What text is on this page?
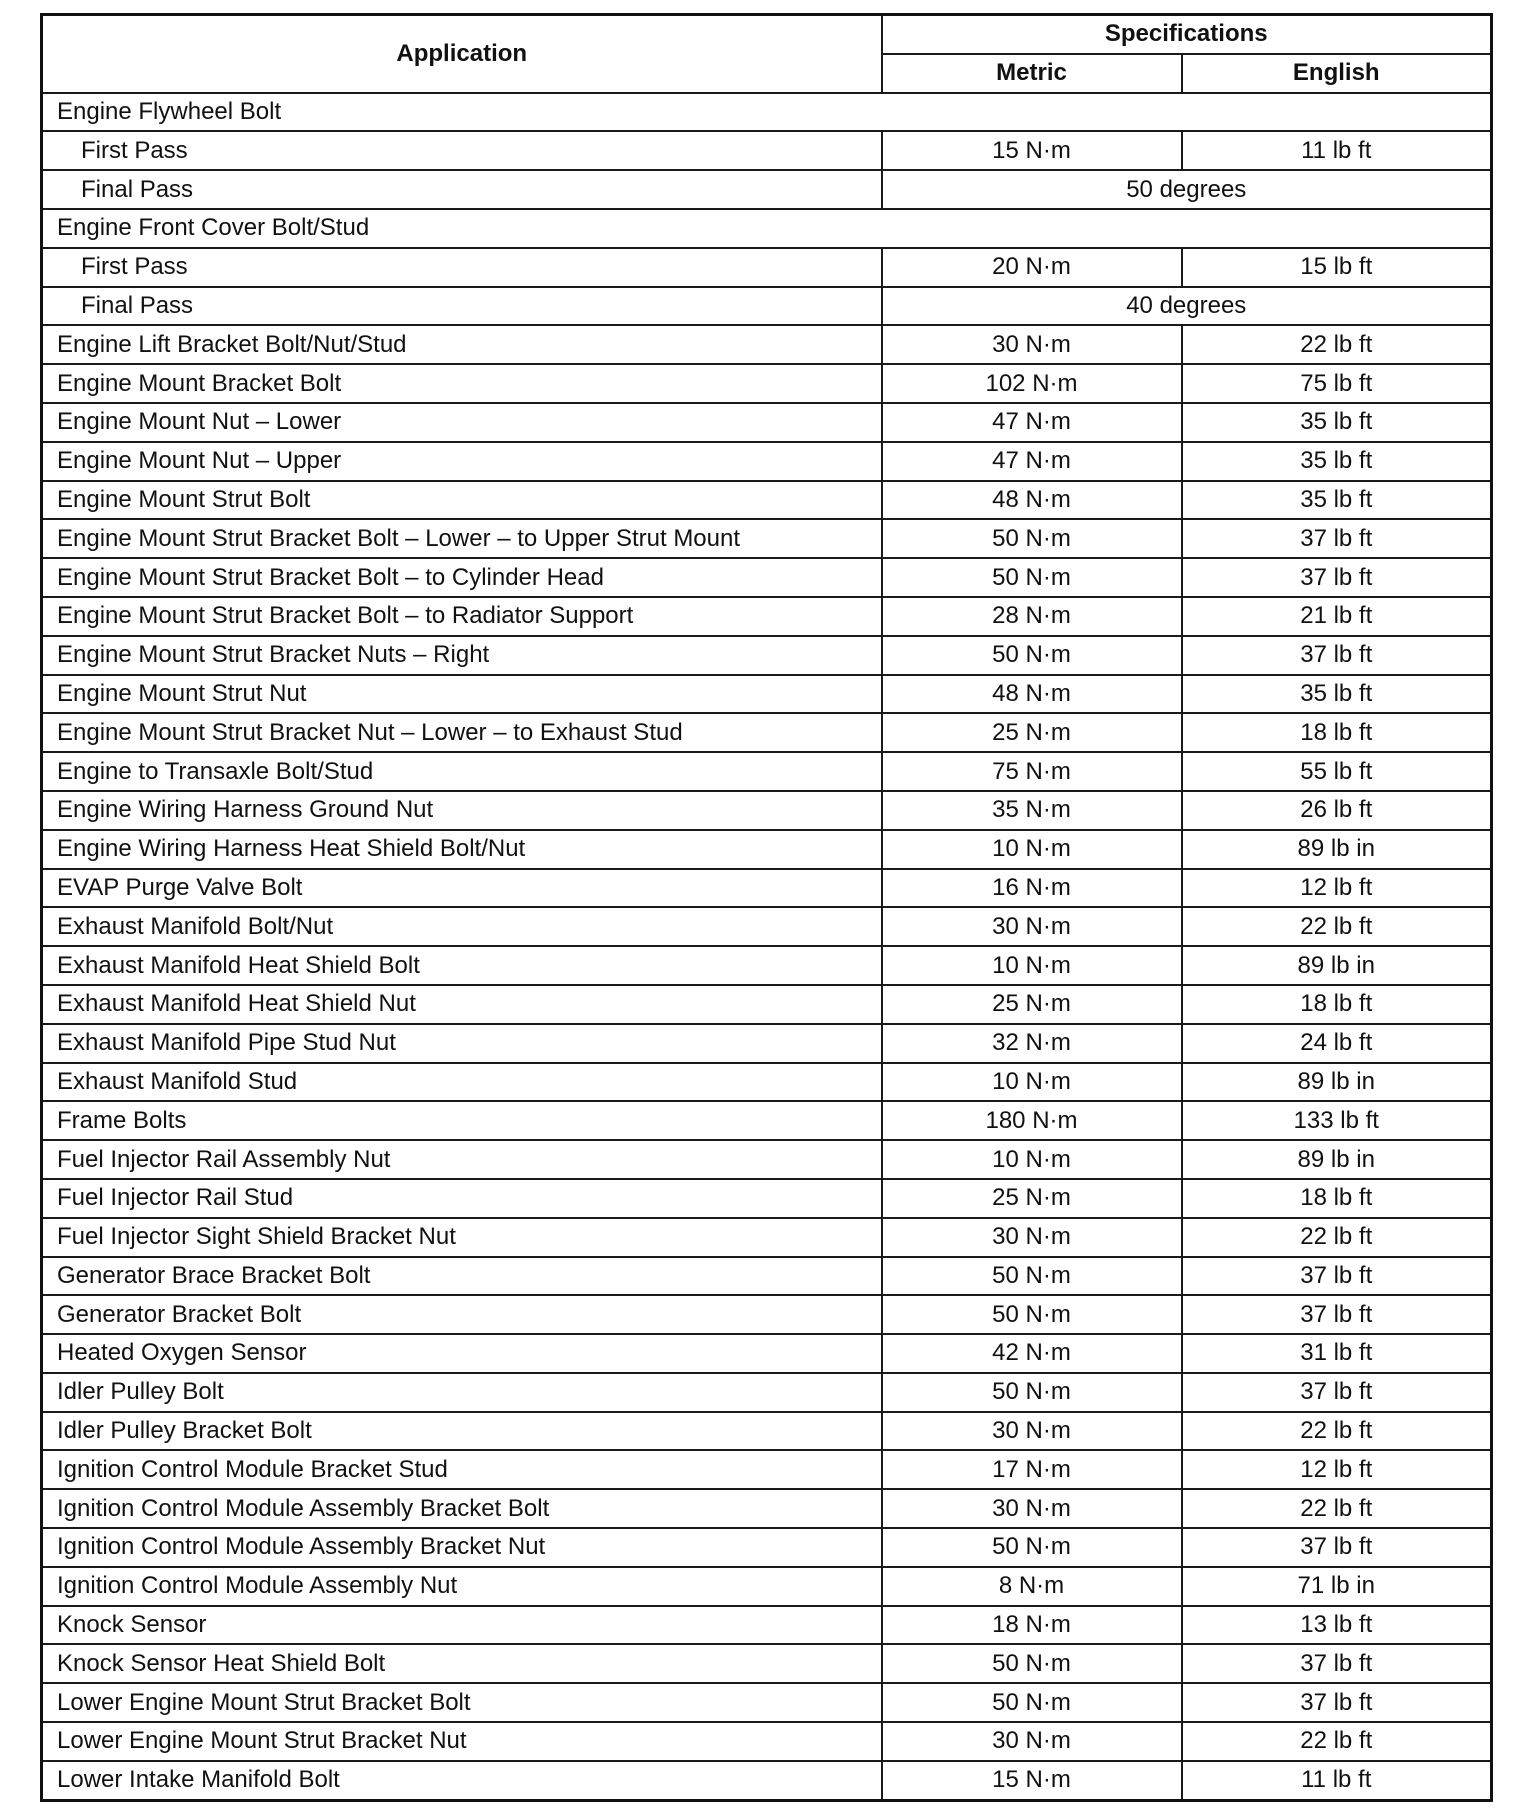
Application	Specifications	
	Metric	English
Engine Flywheel Bolt		
First Pass	15 N·m	11 lb ft
Final Pass	50 degrees	
Engine Front Cover Bolt/Stud		
First Pass	20 N·m	15 lb ft
Final Pass	40 degrees	
Engine Lift Bracket Bolt/Nut/Stud	30 N·m	22 lb ft
Engine Mount Bracket Bolt	102 N·m	75 lb ft
Engine Mount Nut – Lower	47 N·m	35 lb ft
Engine Mount Nut – Upper	47 N·m	35 lb ft
Engine Mount Strut Bolt	48 N·m	35 lb ft
Engine Mount Strut Bracket Bolt – Lower – to Upper Strut Mount	50 N·m	37 lb ft
Engine Mount Strut Bracket Bolt – to Cylinder Head	50 N·m	37 lb ft
Engine Mount Strut Bracket Bolt – to Radiator Support	28 N·m	21 lb ft
Engine Mount Strut Bracket Nuts – Right	50 N·m	37 lb ft
Engine Mount Strut Nut	48 N·m	35 lb ft
Engine Mount Strut Bracket Nut – Lower – to Exhaust Stud	25 N·m	18 lb ft
Engine to Transaxle Bolt/Stud	75 N·m	55 lb ft
Engine Wiring Harness Ground Nut	35 N·m	26 lb ft
Engine Wiring Harness Heat Shield Bolt/Nut	10 N·m	89 lb in
EVAP Purge Valve Bolt	16 N·m	12 lb ft
Exhaust Manifold Bolt/Nut	30 N·m	22 lb ft
Exhaust Manifold Heat Shield Bolt	10 N·m	89 lb in
Exhaust Manifold Heat Shield Nut	25 N·m	18 lb ft
Exhaust Manifold Pipe Stud Nut	32 N·m	24 lb ft
Exhaust Manifold Stud	10 N·m	89 lb in
Frame Bolts	180 N·m	133 lb ft
Fuel Injector Rail Assembly Nut	10 N·m	89 lb in
Fuel Injector Rail Stud	25 N·m	18 lb ft
Fuel Injector Sight Shield Bracket Nut	30 N·m	22 lb ft
Generator Brace Bracket Bolt	50 N·m	37 lb ft
Generator Bracket Bolt	50 N·m	37 lb ft
Heated Oxygen Sensor	42 N·m	31 lb ft
Idler Pulley Bolt	50 N·m	37 lb ft
Idler Pulley Bracket Bolt	30 N·m	22 lb ft
Ignition Control Module Bracket Stud	17 N·m	12 lb ft
Ignition Control Module Assembly Bracket Bolt	30 N·m	22 lb ft
Ignition Control Module Assembly Bracket Nut	50 N·m	37 lb ft
Ignition Control Module Assembly Nut	8 N·m	71 lb in
Knock Sensor	18 N·m	13 lb ft
Knock Sensor Heat Shield Bolt	50 N·m	37 lb ft
Lower Engine Mount Strut Bracket Bolt	50 N·m	37 lb ft
Lower Engine Mount Strut Bracket Nut	30 N·m	22 lb ft
Lower Intake Manifold Bolt	15 N·m	11 lb ft
